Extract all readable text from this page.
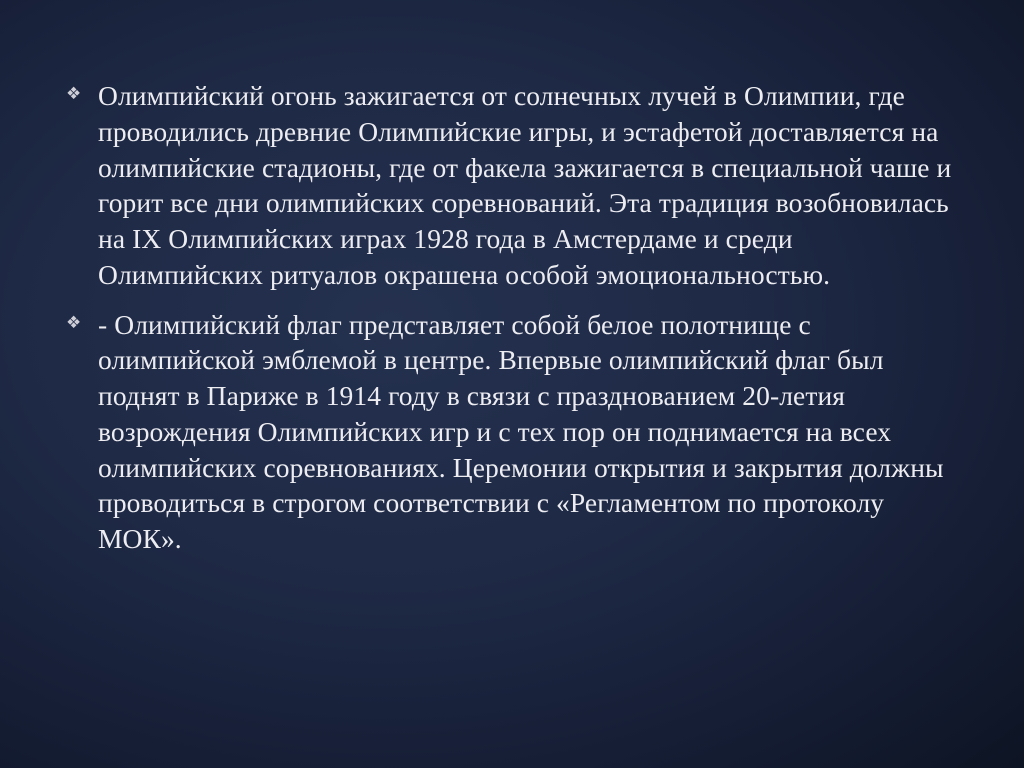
❖ Олимпийский огонь зажигается от солнечных лучей в Олимпии, где проводились древние Олимпийские игры, и эстафетой доставляется на олимпийские стадионы, где от факела зажигается в специальной чаше и горит все дни олимпийских соревнований. Эта традиция возобновилась на IX Олимпийских играх 1928 года в Амстердаме и среди Олимпийских ритуалов окрашена особой эмоциональностью.
❖ - Олимпийский флаг представляет собой белое полотнище с олимпийской эмблемой в центре. Впервые олимпийский флаг был поднят в Париже в 1914 году в связи с празднованием 20-летия возрождения Олимпийских игр и с тех пор он поднимается на всех олимпийских соревнованиях. Церемонии открытия и закрытия должны проводиться в строгом соответствии с «Регламентом по протоколу МОК».
